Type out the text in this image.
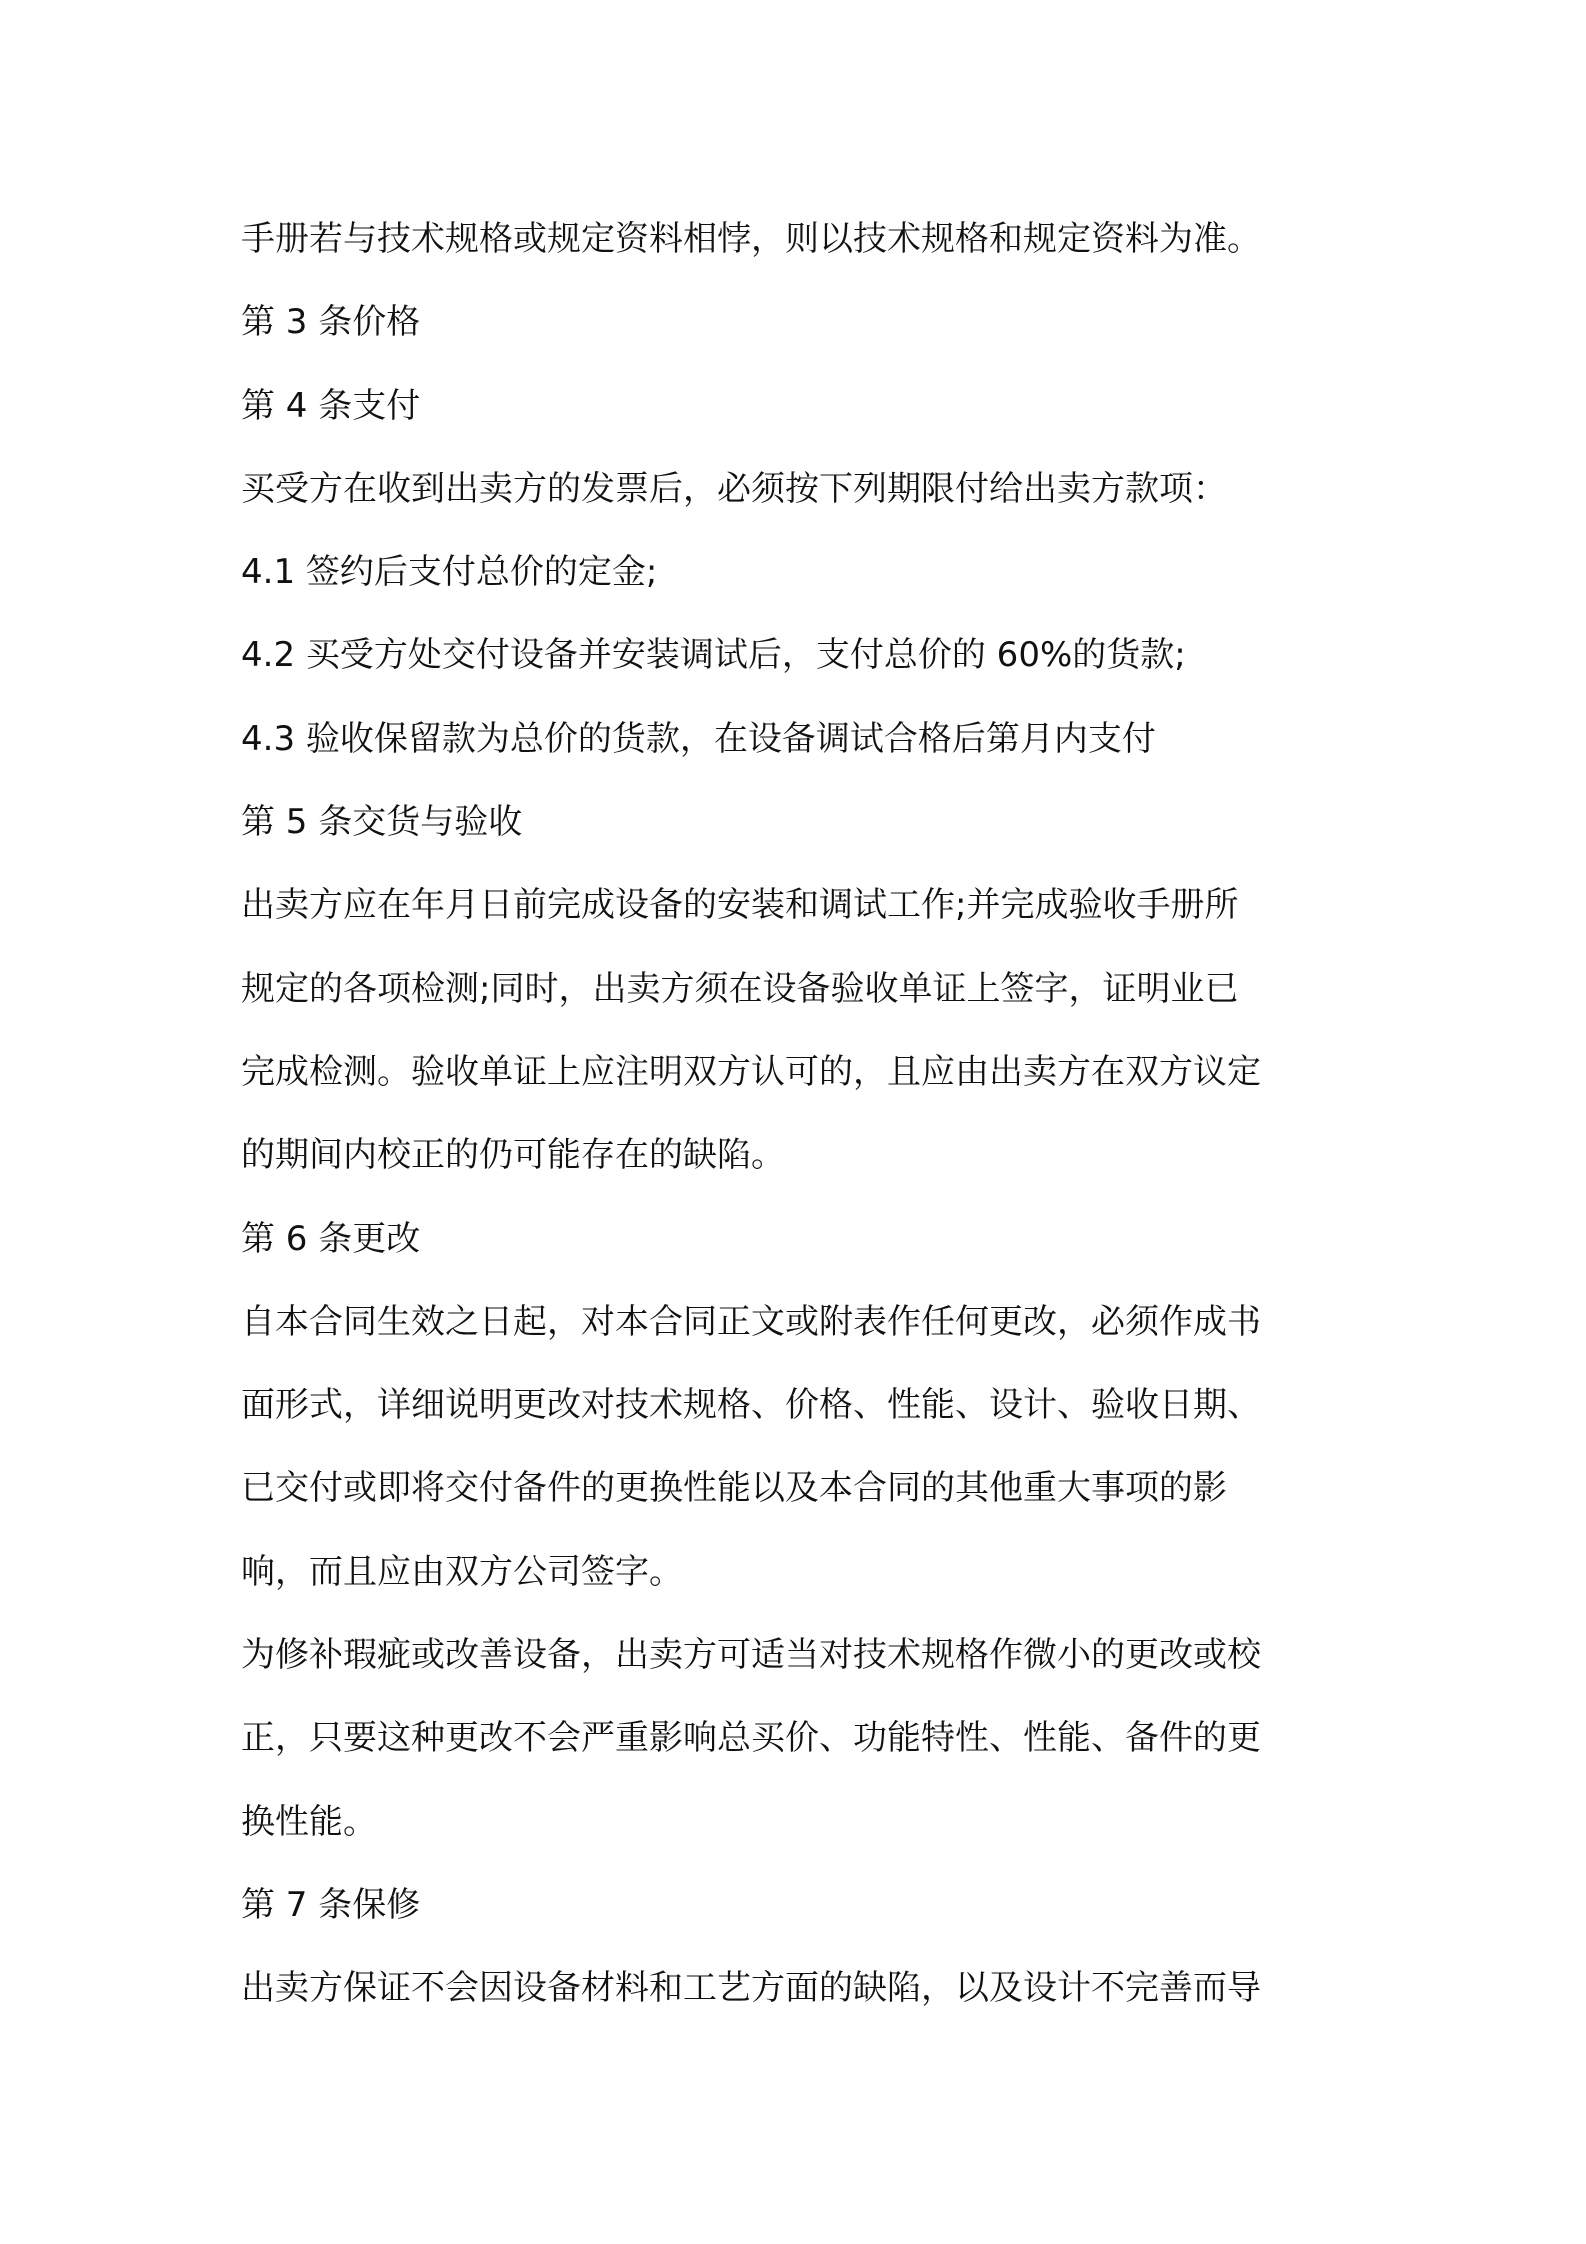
手册若与技术规格或规定资料相悖，则以技术规格和规定资料为准。
第 3 条价格
第 4 条支付
买受方在收到出卖方的发票后，必须按下列期限付给出卖方款项：
4.1 签约后支付总价的定金;
4.2 买受方处交付设备并安装调试后，支付总价的 60%的货款;
4.3 验收保留款为总价的货款，在设备调试合格后第月内支付
第 5 条交货与验收
出卖方应在年月日前完成设备的安装和调试工作;并完成验收手册所
规定的各项检测;同时，出卖方须在设备验收单证上签字，证明业已
完成检测。验收单证上应注明双方认可的，且应由出卖方在双方议定
的期间内校正的仍可能存在的缺陷。
第 6 条更改
自本合同生效之日起，对本合同正文或附表作任何更改，必须作成书
面形式，详细说明更改对技术规格、价格、性能、设计、验收日期、
已交付或即将交付备件的更换性能以及本合同的其他重大事项的影
响，而且应由双方公司签字。
为修补瑕疵或改善设备，出卖方可适当对技术规格作微小的更改或校
正，只要这种更改不会严重影响总买价、功能特性、性能、备件的更
换性能。
第 7 条保修
出卖方保证不会因设备材料和工艺方面的缺陷，以及设计不完善而导
